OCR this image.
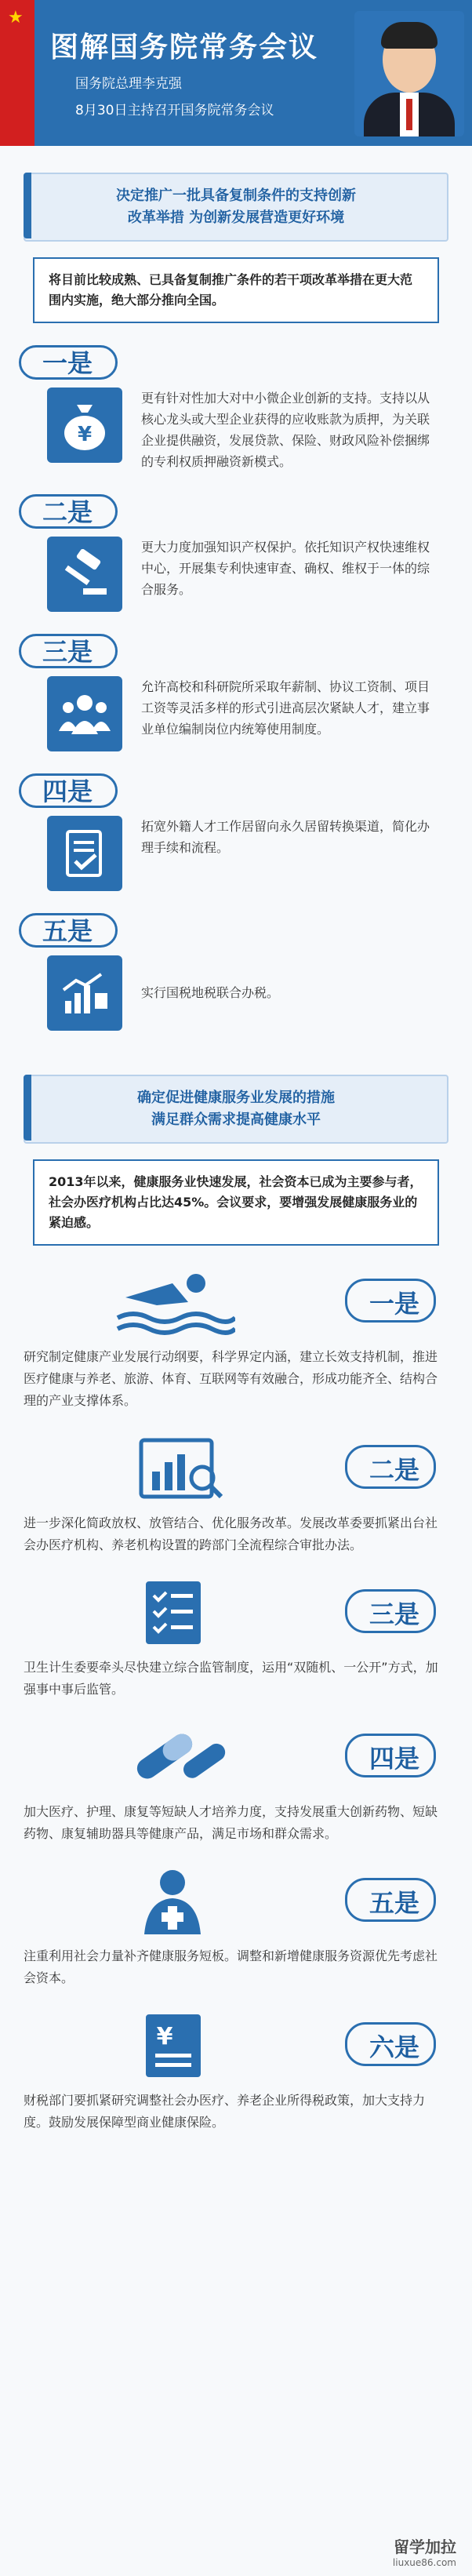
★
图解国务院常务会议
国务院总理李克强
8月30日主持召开国务院常务会议
决定推广一批具备复制条件的支持创新
改革举措 为创新发展营造更好环境
将目前比较成熟、已具备复制推广条件的若干项改革举措在更大范围内实施，绝大部分推向全国。
一是
¥
更有针对性加大对中小微企业创新的支持。支持以从核心龙头或大型企业获得的应收账款为质押，为关联企业提供融资，发展贷款、保险、财政风险补偿捆绑的专利权质押融资新模式。
二是
更大力度加强知识产权保护。依托知识产权快速维权中心，开展集专利快速审查、确权、维权于一体的综合服务。
三是
允许高校和科研院所采取年薪制、协议工资制、项目工资等灵活多样的形式引进高层次紧缺人才，建立事业单位编制岗位内统筹使用制度。
四是
拓宽外籍人才工作居留向永久居留转换渠道，简化办理手续和流程。
五是
实行国税地税联合办税。
确定促进健康服务业发展的措施
满足群众需求提高健康水平
2013年以来，健康服务业快速发展，社会资本已成为主要参与者，社会办医疗机构占比达45%。会议要求，要增强发展健康服务业的紧迫感。
一是
研究制定健康产业发展行动纲要，科学界定内涵，建立长效支持机制，推进医疗健康与养老、旅游、体育、互联网等有效融合，形成功能齐全、结构合理的产业支撑体系。
二是
进一步深化简政放权、放管结合、优化服务改革。发展改革委要抓紧出台社会办医疗机构、养老机构设置的跨部门全流程综合审批办法。
三是
卫生计生委要牵头尽快建立综合监管制度，运用“双随机、一公开”方式，加强事中事后监管。
四是
加大医疗、护理、康复等短缺人才培养力度，支持发展重大创新药物、短缺药物、康复辅助器具等健康产品，满足市场和群众需求。
五是
注重利用社会力量补齐健康服务短板。调整和新增健康服务资源优先考虑社会资本。
¥	六是
财税部门要抓紧研究调整社会办医疗、养老企业所得税政策，加大支持力度。鼓励发展保障型商业健康保险。
留学加拉
liuxue86.com
